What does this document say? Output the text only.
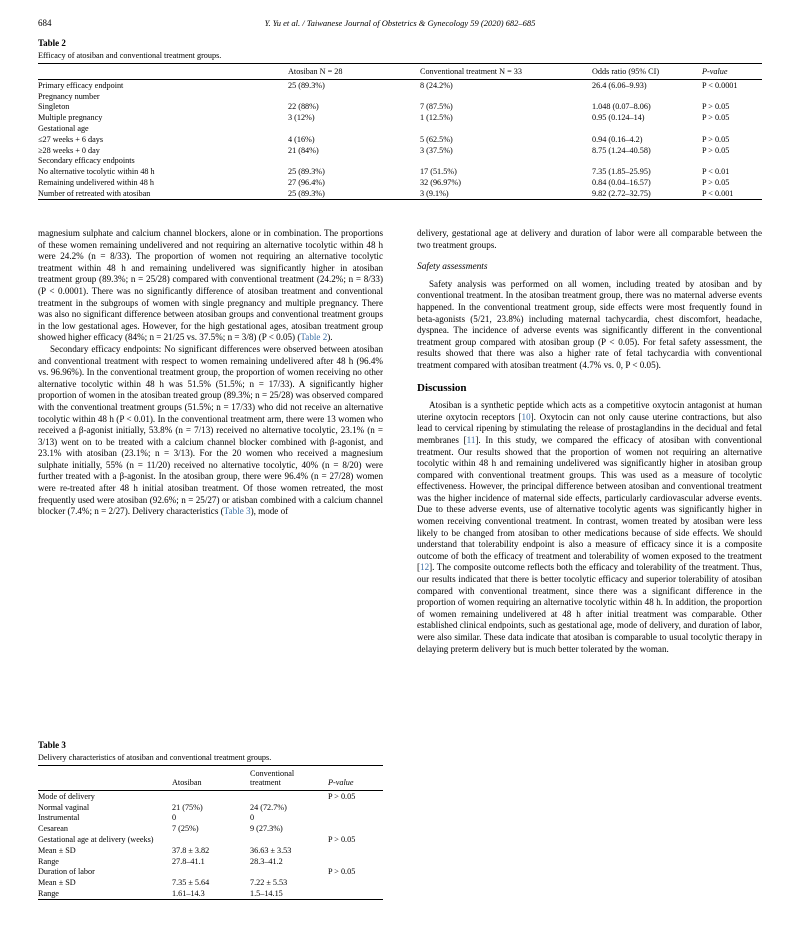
684	Y. Yu et al. / Taiwanese Journal of Obstetrics & Gynecology 59 (2020) 682–685
Table 2
Efficacy of atosiban and conventional treatment groups.
	Atosiban N = 28	Conventional treatment N = 33	Odds ratio (95% CI)	P-value
Primary efficacy endpoint	25 (89.3%)	8 (24.2%)	26.4 (6.06–9.93)	P < 0.0001
Pregnancy number				
Singleton	22 (88%)	7 (87.5%)	1.048 (0.07–8.06)	P > 0.05
Multiple pregnancy	3 (12%)	1 (12.5%)	0.95 (0.124–14)	P > 0.05
Gestational age				
≤27 weeks + 6 days	4 (16%)	5 (62.5%)	0.94 (0.16–4.2)	P > 0.05
≥28 weeks + 0 day	21 (84%)	3 (37.5%)	8.75 (1.24–40.58)	P > 0.05
Secondary efficacy endpoints				
No alternative tocolytic within 48 h	25 (89.3%)	17 (51.5%)	7.35 (1.85–25.95)	P < 0.01
Remaining undelivered within 48 h	27 (96.4%)	32 (96.97%)	0.84 (0.04–16.57)	P > 0.05
Number of retreated with atosiban	25 (89.3%)	3 (9.1%)	9.82 (2.72–32.75)	P < 0.001

magnesium sulphate and calcium channel blockers, alone or in combination. The proportions of these women remaining undelivered and not requiring an alternative tocolytic within 48 h were 24.2% (n = 8/33). The proportion of women not requiring an alternative tocolytic treatment within 48 h and remaining undelivered was significantly higher in atosiban treatment group (89.3%; n = 25/28) compared with conventional treatment (24.2%; n = 8/33) (P < 0.0001). There was no significantly difference of atosiban treatment and conventional treatment in the subgroups of women with single pregnancy and multiple pregnancy. There was also no significant difference between atosiban groups and conventional treatment groups in the low gestational ages. However, for the high gestational ages, atosiban treatment group showed higher efficacy (84%; n = 21/25 vs. 37.5%; n = 3/8) (P < 0.05) (Table 2).

Secondary efficacy endpoints: No significant differences were observed between atosiban and conventional treatment with respect to women remaining undelivered after 48 h (96.4% vs. 96.96%). In the conventional treatment group, the proportion of women receiving no other alternative tocolytic within 48 h was 51.5% (51.5%; n = 17/33). A significantly higher proportion of women in the atosiban treated group (89.3%; n = 25/28) was observed compared with the conventional treatment groups (51.5%; n = 17/33) who did not receive an alternative tocolytic within 48 h (P < 0.01). In the conventional treatment arm, there were 13 women who received a β-agonist initially, 53.8% (n = 7/13) received no alternative tocolytic, 23.1% (n = 3/13) went on to be treated with a calcium channel blocker combined with β-agonist, and 23.1% with atosiban (23.1%; n = 3/13). For the 20 women who received a magnesium sulphate initially, 55% (n = 11/20) received no alternative tocolytic, 40% (n = 8/20) were further treated with a β-agonist. In the atosiban group, there were 96.4% (n = 27/28) women were re-treated after 48 h initial atosiban treatment. Of those women retreated, the most frequently used were atosiban (92.6%; n = 25/27) or atisban combined with a calcium channel blocker (7.4%; n = 2/27). Delivery characteristics (Table 3), mode of

delivery, gestational age at delivery and duration of labor were all comparable between the two treatment groups.

Safety assessments

Safety analysis was performed on all women, including treated by atosiban and by conventional treatment. In the atosiban treatment group, there was no maternal adverse events happened. In the conventional treatment group, side effects were most frequently found in beta-agonists (5/21, 23.8%) including maternal tachycardia, chest discomfort, headache, dyspnea. The incidence of adverse events was significantly different in the conventional treatment group compared with atosiban group (P < 0.05). For fetal safety assessment, the results showed that there was also a higher rate of fetal tachycardia with conventional treatment compared with atosiban treatment (4.7% vs. 0, P < 0.05).

Discussion

Atosiban is a synthetic peptide which acts as a competitive oxytocin antagonist at human uterine oxytocin receptors [10]. Oxytocin can not only cause uterine contractions, but also lead to cervical ripening by stimulating the release of prostaglandins in the decidual and fetal membranes [11]. In this study, we compared the efficacy of atosiban with conventional treatment. Our results showed that the proportion of women not requiring an alternative tocolytic within 48 h and remaining undelivered was significantly higher in atosiban group compared with conventional treatment groups. This was used as a measure of tocolytic effectiveness. However, the principal difference between atosiban and conventional treatment was the higher incidence of maternal side effects, particularly cardiovascular adverse events. Due to these adverse events, use of alternative tocolytic agents was significantly higher in women receiving conventional treatment. In contrast, women treated by atosiban were less likely to be changed from atosiban to other medications because of side effects. We should understand that tolerability endpoint is also a measure of efficacy since it is a composite outcome of both the efficacy of treatment and tolerability of women exposed to the treatment [12]. The composite outcome reflects both the efficacy and tolerability of the treatment. Thus, our results indicated that there is better tocolytic efficacy and superior tolerability of atosiban compared with conventional treatment, since there was a significant difference in the proportion of women requiring an alternative tocolytic within 48 h. In addition, the proportion of women remaining undelivered at 48 h after initial treatment was comparable. Other established clinical endpoints, such as gestational age, mode of delivery, and duration of labor, were also similar. These data indicate that atosiban is comparable to usual tocolytic therapy in delaying preterm delivery but is much better tolerated by the woman.

Table 3
Delivery characteristics of atosiban and conventional treatment groups.
	Atosiban	Conventional treatment	P-value
Mode of delivery			P > 0.05
Normal vaginal	21 (75%)	24 (72.7%)	
Instrumental	0	0	
Cesarean	7 (25%)	9 (27.3%)	
Gestational age at delivery (weeks)			P > 0.05
Mean ± SD	37.8 ± 3.82	36.63 ± 3.53	
Range	27.8–41.1	28.3–41.2	
Duration of labor			P > 0.05
Mean ± SD	7.35 ± 5.64	7.22 ± 5.53	
Range	1.61–14.3	1.5–14.15	
